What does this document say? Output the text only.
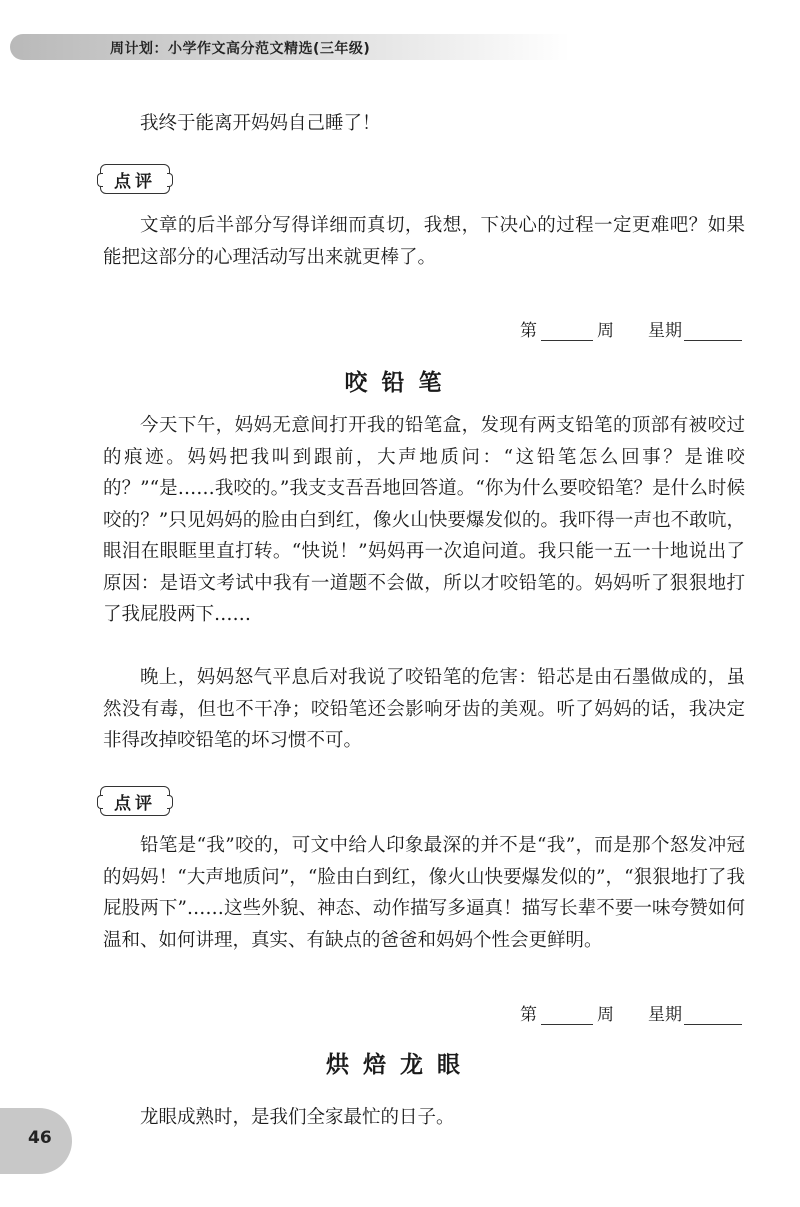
周计划：小学作文高分范文精选(三年级)

我终于能离开妈妈自己睡了！

点评

文章的后半部分写得详细而真切，我想，下决心的过程一定更难吧？如果能把这部分的心理活动写出来就更棒了。

第	周 星期
咬铅笔

今天下午，妈妈无意间打开我的铅笔盒，发现有两支铅笔的顶部有被咬过的痕迹。妈妈把我叫到跟前，大声地质问：“这铅笔怎么回事？是谁咬的？”“是……我咬的。”我支支吾吾地回答道。“你为什么要咬铅笔？是什么时候咬的？”只见妈妈的脸由白到红，像火山快要爆发似的。我吓得一声也不敢吭，眼泪在眼眶里直打转。“快说！”妈妈再一次追问道。我只能一五一十地说出了原因：是语文考试中我有一道题不会做，所以才咬铅笔的。妈妈听了狠狠地打了我屁股两下……

晚上，妈妈怒气平息后对我说了咬铅笔的危害：铅芯是由石墨做成的，虽然没有毒，但也不干净；咬铅笔还会影响牙齿的美观。听了妈妈的话，我决定非得改掉咬铅笔的坏习惯不可。

点评

铅笔是“我”咬的，可文中给人印象最深的并不是“我”，而是那个怒发冲冠的妈妈！“大声地质问”，“脸由白到红，像火山快要爆发似的”，“狠狠地打了我屁股两下”……这些外貌、神态、动作描写多逼真！描写长辈不要一味夸赞如何温和、如何讲理，真实、有缺点的爸爸和妈妈个性会更鲜明。

第	周 星期
烘焙龙眼

龙眼成熟时，是我们全家最忙的日子。

46
